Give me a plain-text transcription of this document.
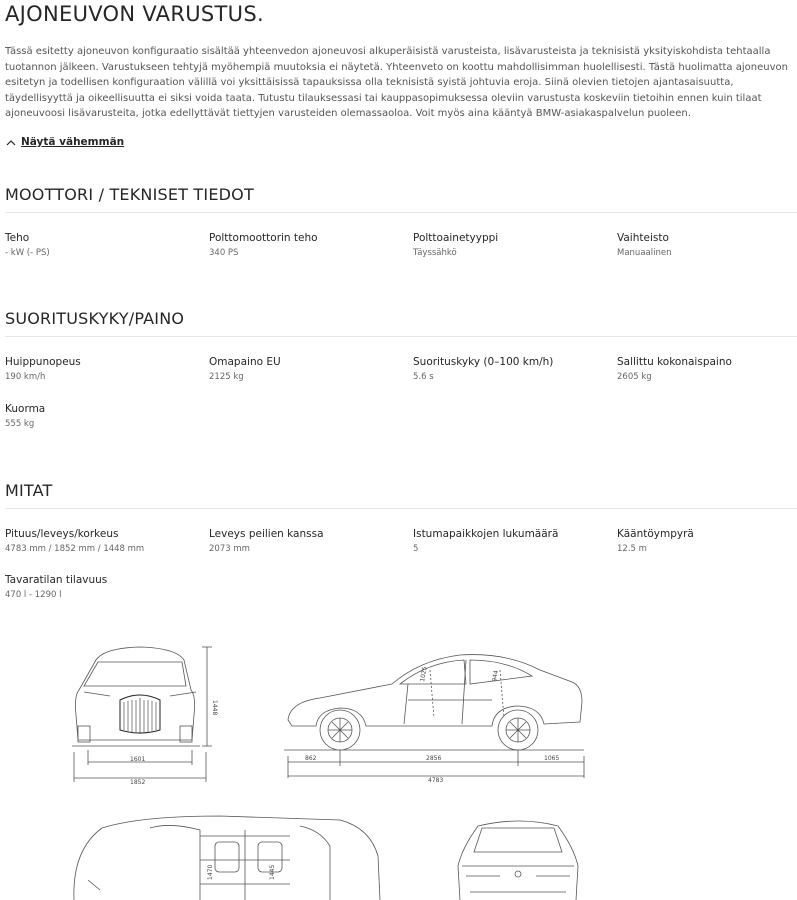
AJONEUVON VARUSTUS.

Tässä esitetty ajoneuvon konfiguraatio sisältää yhteenvedon ajoneuvosi alkuperäisistä varusteista, lisävarusteista ja teknisistä yksityiskohdista tehtaalla tuotannon jälkeen. Varustukseen tehtyjä myöhempiä muutoksia ei näytetä. Yhteenveto on koottu mahdollisimman huolellisesti. Tästä huolimatta ajoneuvon esitetyn ja todellisen konfiguraation välillä voi yksittäisissä tapauksissa olla teknisistä syistä johtuvia eroja. Siinä olevien tietojen ajantasaisuutta, täydellisyyttä ja oikeellisuutta ei siksi voida taata. Tutustu tilauksessasi tai kauppasopimuksessa oleviin varustusta koskeviin tietoihin ennen kuin tilaat ajoneuvoosi lisävarusteita, jotka edellyttävät tiettyjen varusteiden olemassaoloa. Voit myös aina kääntyä BMW-asiakaspalvelun puoleen.

Näytä vähemmän
MOOTTORI / TEKNISET TIEDOT
Teho
- kW (- PS)
Polttomoottorin teho
340 PS
Polttoainetyyppi
Täyssähkö
Vaihteisto
Manuaalinen
SUORITUSKYKY/PAINO
Huippunopeus
190 km/h
Omapaino EU
2125 kg
Suorituskyky (0–100 km/h)
5.6 s
Sallittu kokonaispaino
2605 kg
Kuorma
555 kg
MITAT
Pituus/leveys/korkeus
4783 mm / 1852 mm / 1448 mm
Leveys peilien kanssa
2073 mm
Istumapaikkojen lukumäärä
5
Kääntöympyrä
12.5 m
Tavaratilan tilavuus
470 l - 1290 l
1601
1852
1448
1025	944
862	2856	1065
4783
1470	1445
